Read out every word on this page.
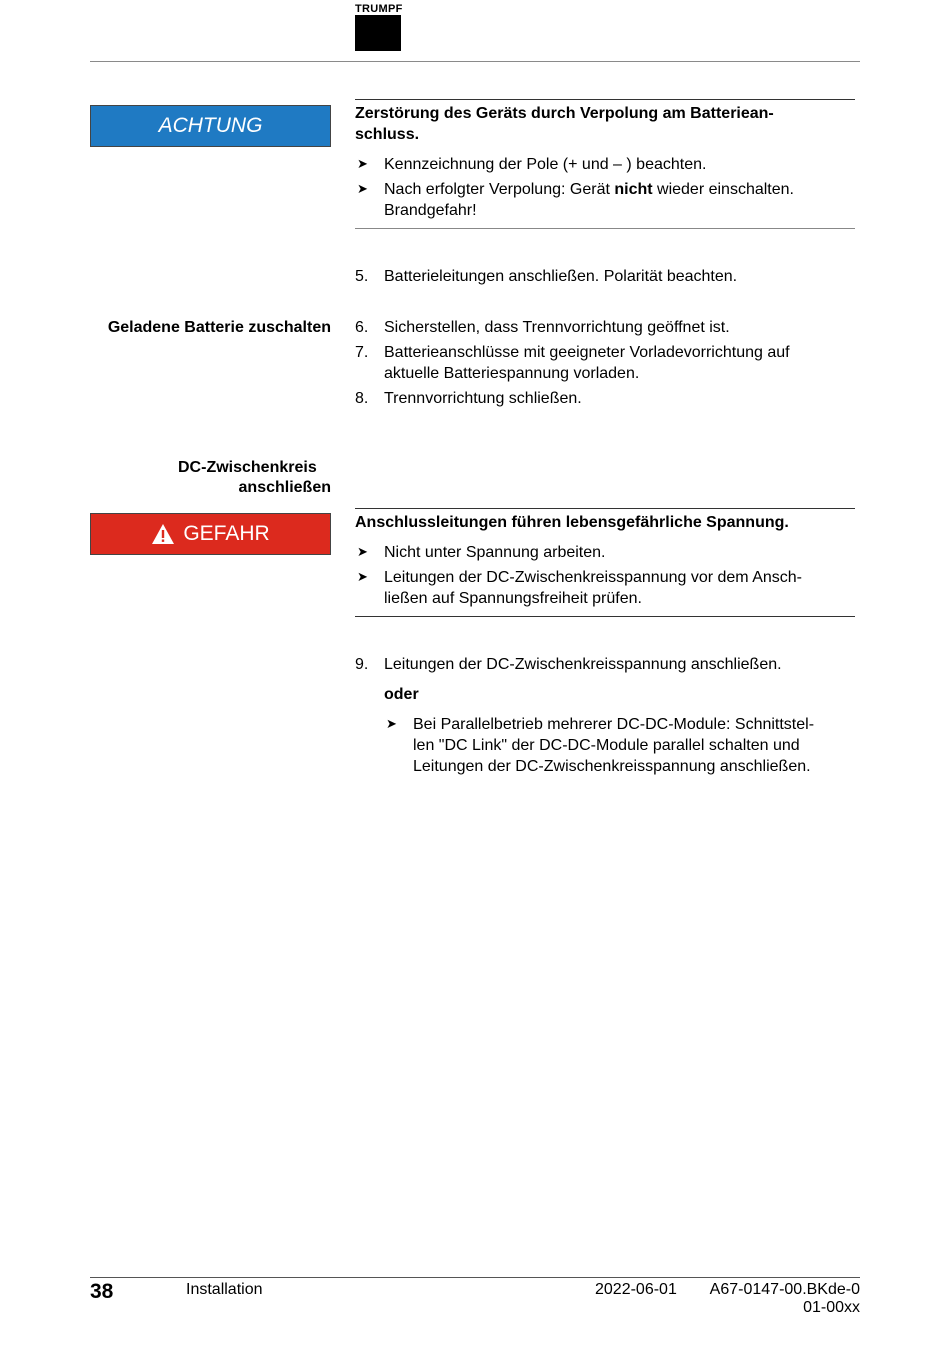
TRUMPF
ACHTUNG
Zerstörung des Geräts durch Verpolung am Batteriean-
schluss.
➤ Kennzeichnung der Pole (+ und – ) beachten.
➤ Nach erfolgter Verpolung: Gerät nicht wieder einschalten.
Brandgefahr!
5. Batterieleitungen anschließen. Polarität beachten.
Geladene Batterie zuschalten 6. Sicherstellen, dass Trennvorrichtung geöffnet ist.
7. Batterieanschlüsse mit geeigneter Vorladevorrichtung auf
aktuelle Batteriespannung vorladen.
8. Trennvorrichtung schließen.
DC-Zwischenkreis
anschließen
GEFAHR	Anschlussleitungen führen lebensgefährliche Spannung.
➤ Nicht unter Spannung arbeiten.
➤ Leitungen der DC-Zwischenkreisspannung vor dem Ansch-
ließen auf Spannungsfreiheit prüfen.
9. Leitungen der DC-Zwischenkreisspannung anschließen.
oder
➤ Bei Parallelbetrieb mehrerer DC-DC-Module: Schnittstel-
len "DC Link" der DC-DC-Module parallel schalten und
Leitungen der DC-Zwischenkreisspannung anschließen.
38	Installation	2022-06-01 A67-0147-00.BKde-0
01-00xx
